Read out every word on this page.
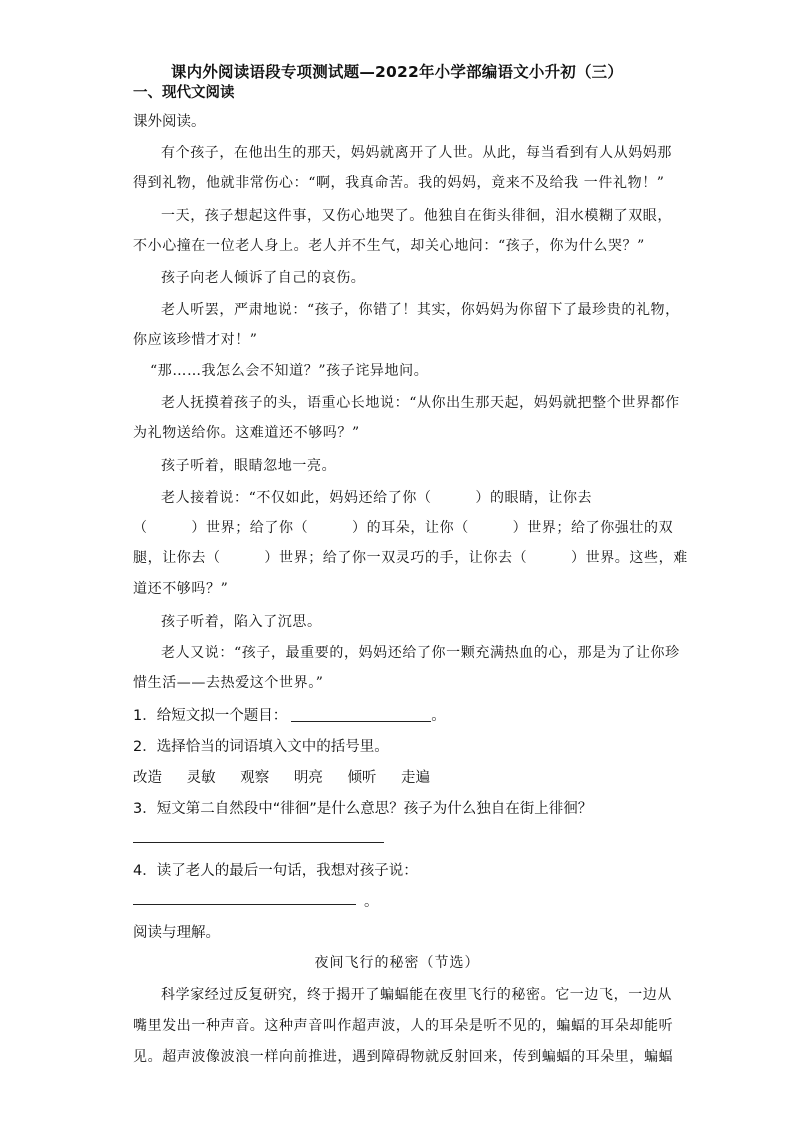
课内外阅读语段专项测试题—2022年小学部编语文小升初（三）
一、现代文阅读
课外阅读。
有个孩子，在他出生的那天，妈妈就离开了人世。从此，每当看到有人从妈妈那
得到礼物，他就非常伤心：“啊，我真命苦。我的妈妈，竟来不及给我 一件礼物！”
一天，孩子想起这件事，又伤心地哭了。他独自在街头徘徊，泪水模糊了双眼，
不小心撞在一位老人身上。老人并不生气，却关心地问：“孩子，你为什么哭？”
孩子向老人倾诉了自己的哀伤。
老人听罢，严肃地说：“孩子，你错了！其实，你妈妈为你留下了最珍贵的礼物，
你应该珍惜才对！”
“那……我怎么会不知道？”孩子诧异地问。
老人抚摸着孩子的头，语重心长地说：“从你出生那天起，妈妈就把整个世界都作
为礼物送给你。这难道还不够吗？”
孩子听着，眼睛忽地一亮。
老人接着说：“不仅如此，妈妈还给了你（　　　）的眼睛，让你去
（　　　）世界；给了你（　　　）的耳朵，让你（　　　）世界；给了你强壮的双
腿，让你去（　　　）世界；给了你一双灵巧的手，让你去（　　　）世界。这些，难
道还不够吗？”
孩子听着，陷入了沉思。
老人又说：“孩子，最重要的，妈妈还给了你一颗充满热血的心，那是为了让你珍
惜生活——去热爱这个世界。”
1．给短文拟一个题目：	。
2．选择恰当的词语填入文中的括号里。
改造 灵敏 观察 明亮 倾听 走遍
3．短文第二自然段中“徘徊”是什么意思？孩子为什么独自在街上徘徊？
4．读了老人的最后一句话，我想对孩子说：
。
阅读与理解。
夜间飞行的秘密（节选）
科学家经过反复研究，终于揭开了蝙蝠能在夜里飞行的秘密。它一边飞，一边从
嘴里发出一种声音。这种声音叫作超声波，人的耳朵是听不见的，蝙蝠的耳朵却能听
见。超声波像波浪一样向前推进，遇到障碍物就反射回来，传到蝙蝠的耳朵里，蝙蝠
